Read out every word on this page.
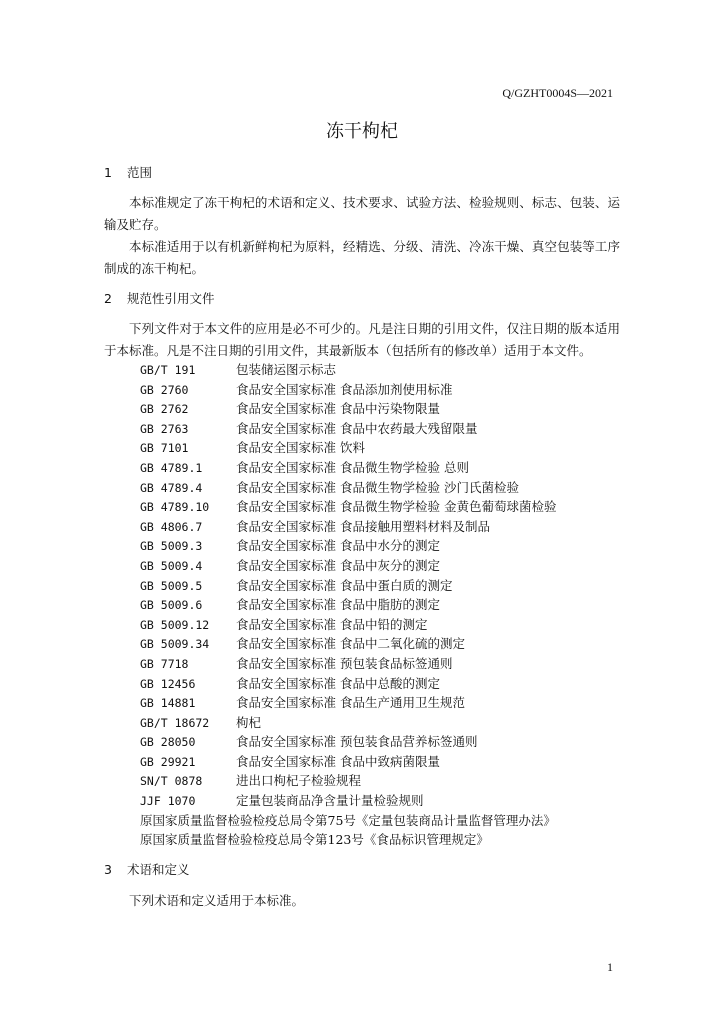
Q/GZHT0004S—2021
冻干枸杞
1 范围

本标准规定了冻干枸杞的术语和定义、技术要求、试验方法、检验规则、标志、包装、运输及贮存。

本标准适用于以有机新鲜枸杞为原料，经精选、分级、清洗、冷冻干燥、真空包装等工序制成的冻干枸杞。

2 规范性引用文件

下列文件对于本文件的应用是必不可少的。凡是注日期的引用文件，仅注日期的版本适用于本标准。凡是不注日期的引用文件，其最新版本（包括所有的修改单）适用于本文件。

GB/T 191	包装储运图示标志
GB 2760	食品安全国家标准 食品添加剂使用标准
GB 2762	食品安全国家标准 食品中污染物限量
GB 2763	食品安全国家标准 食品中农药最大残留限量
GB 7101	食品安全国家标准 饮料
GB 4789.1	食品安全国家标准 食品微生物学检验 总则
GB 4789.4	食品安全国家标准 食品微生物学检验 沙门氏菌检验
GB 4789.10 食品安全国家标准 食品微生物学检验 金黄色葡萄球菌检验
GB 4806.7	食品安全国家标准 食品接触用塑料材料及制品
GB 5009.3	食品安全国家标准 食品中水分的测定
GB 5009.4	食品安全国家标准 食品中灰分的测定
GB 5009.5	食品安全国家标准 食品中蛋白质的测定
GB 5009.6	食品安全国家标准 食品中脂肪的测定
GB 5009.12 食品安全国家标准 食品中铅的测定
GB 5009.34 食品安全国家标准 食品中二氧化硫的测定
GB 7718	食品安全国家标准 预包装食品标签通则
GB 12456	食品安全国家标准 食品中总酸的测定
GB 14881	食品安全国家标准 食品生产通用卫生规范
GB/T 18672 枸杞
GB 28050	食品安全国家标准 预包装食品营养标签通则
GB 29921	食品安全国家标准 食品中致病菌限量
SN/T 0878	进出口枸杞子检验规程
JJF 1070	定量包装商品净含量计量检验规则
原国家质量监督检验检疫总局令第75号《定量包装商品计量监督管理办法》
原国家质量监督检验检疫总局令第123号《食品标识管理规定》
3 术语和定义

下列术语和定义适用于本标准。

1
